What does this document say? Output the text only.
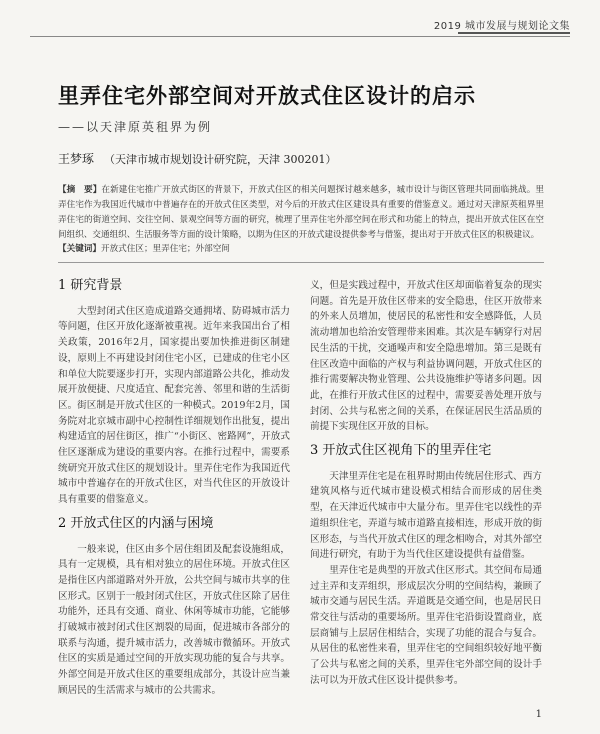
2019 城市发展与规划论文集
里弄住宅外部空间对开放式住区设计的启示
——以天津原英租界为例
王梦琢 （天津市城市规划设计研究院，天津 300201）
【摘　要】在新建住宅推广开放式街区的背景下，开放式住区的相关问题探讨越来越多，城市设计与街区管理共同面临挑战。里弄住宅作为我国近代城市中普遍存在的开放式住区类型，对今后的开放式住区建设具有重要的借鉴意义。通过对天津原英租界里弄住宅的街道空间、交往空间、景观空间等方面的研究，梳理了里弄住宅外部空间在形式和功能上的特点，提出开放式住区在空间组织、交通组织、生活服务等方面的设计策略，以期为住区的开放式建设提供参考与借鉴，提出对于开放式住区的积极建议。
【关键词】开放式住区；里弄住宅；外部空间
1 研究背景

大型封闭式住区造成道路交通拥堵、防碍城市活力等问题，住区开放化逐渐被重视。近年来我国出台了相关政策，2016年2月，国家提出要加快推进街区制建设，原则上不再建设封闭住宅小区，已建成的住宅小区和单位大院要逐步打开，实现内部道路公共化，推动发展开放便捷、尺度适宜、配套完善、邻里和谐的生活街区。街区制是开放式住区的一种模式。2019年2月，国务院对北京城市副中心控制性详细规划作出批复，提出构建适宜的居住街区，推广“小街区、密路网”，开放式住区逐渐成为建设的重要内容。在推行过程中，需要系统研究开放式住区的规划设计。里弄住宅作为我国近代城市中普遍存在的开放式住区，对当代住区的开放设计具有重要的借鉴意义。

2 开放式住区的内涵与困境

一般来说，住区由多个居住组团及配套设施组成，具有一定规模，具有相对独立的居住环境。开放式住区是指住区内部道路对外开放，公共空间与城市共享的住区形式。区别于一般封闭式住区，开放式住区除了居住功能外，还具有交通、商业、休闲等城市功能，它能够打破城市被封闭式住区割裂的局面，促进城市各部分的联系与沟通，提升城市活力，改善城市微循环。开放式住区的实质是通过空间的开放实现功能的复合与共享。外部空间是开放式住区的重要组成部分，其设计应当兼顾居民的生活需求与城市的公共需求。

义，但是实践过程中，开放式住区却面临着复杂的现实问题。首先是开放住区带来的安全隐患，住区开放带来的外来人员增加，使居民的私密性和安全感降低，人员流动增加也给治安管理带来困难。其次是车辆穿行对居民生活的干扰，交通噪声和安全隐患增加。第三是既有住区改造中面临的产权与利益协调问题，开放式住区的推行需要解决物业管理、公共设施维护等诸多问题。因此，在推行开放式住区的过程中，需要妥善处理开放与封闭、公共与私密之间的关系，在保证居民生活品质的前提下实现住区开放的目标。

3 开放式住区视角下的里弄住宅

天津里弄住宅是在租界时期由传统居住形式、西方建筑风格与近代城市建设模式相结合而形成的居住类型，在天津近代城市中大量分布。里弄住宅以线性的弄道组织住宅，弄道与城市道路直接相连，形成开放的街区形态，与当代开放式住区的理念相吻合，对其外部空间进行研究，有助于为当代住区建设提供有益借鉴。

里弄住宅是典型的开放式住区形式。其空间布局通过主弄和支弄组织，形成层次分明的空间结构，兼顾了城市交通与居民生活。弄道既是交通空间，也是居民日常交往与活动的重要场所。里弄住宅沿街设置商业，底层商铺与上层居住相结合，实现了功能的混合与复合。从居住的私密性来看，里弄住宅的空间组织较好地平衡了公共与私密之间的关系，里弄住宅外部空间的设计手法可以为开放式住区设计提供参考。

1
